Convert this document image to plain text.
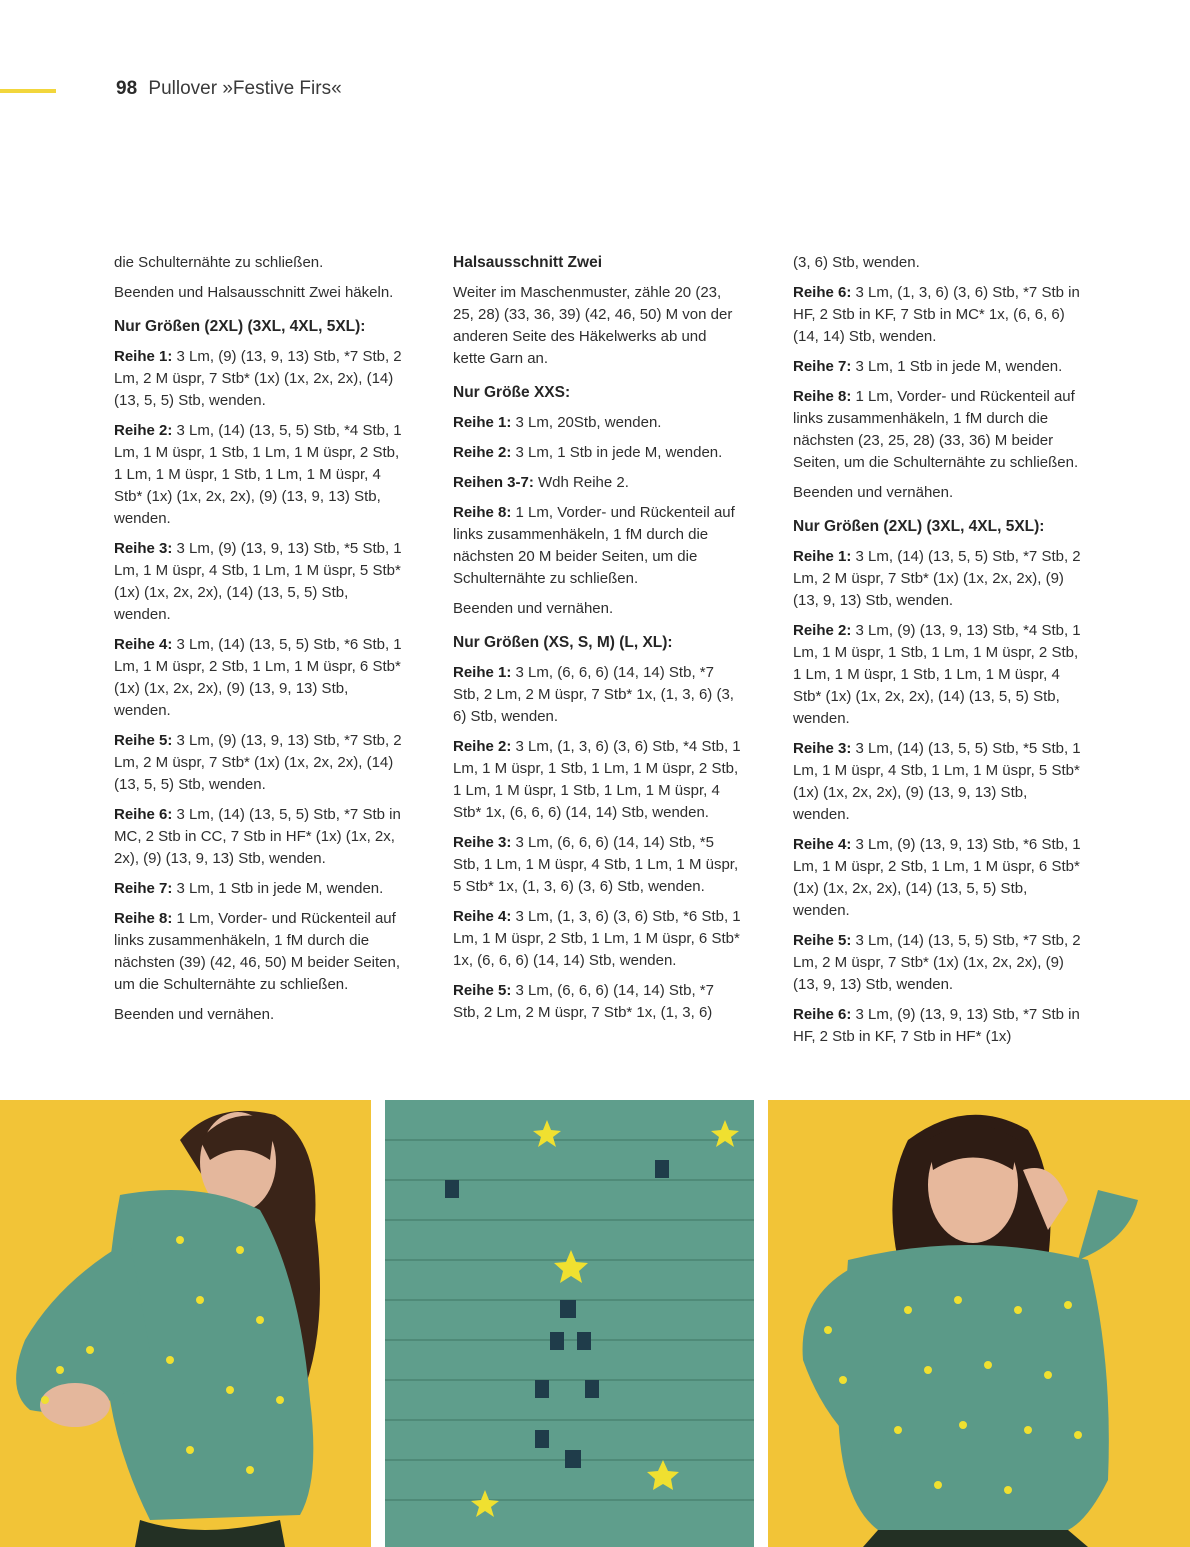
98 Pullover »Festive Firs«

die Schulternähte zu schließen.

Beenden und Halsausschnitt Zwei häkeln.

Nur Größen (2XL) (3XL, 4XL, 5XL):

Reihe 1: 3 Lm, (9) (13, 9, 13) Stb, *7 Stb, 2 Lm, 2 M üspr, 7 Stb* (1x) (1x, 2x, 2x), (14) (13, 5, 5) Stb, wenden.

Reihe 2: 3 Lm, (14) (13, 5, 5) Stb, *4 Stb, 1 Lm, 1 M üspr, 1 Stb, 1 Lm, 1 M üspr, 2 Stb, 1 Lm, 1 M üspr, 1 Stb, 1 Lm, 1 M üspr, 4 Stb* (1x) (1x, 2x, 2x), (9) (13, 9, 13) Stb, wenden.

Reihe 3: 3 Lm, (9) (13, 9, 13) Stb, *5 Stb, 1 Lm, 1 M üspr, 4 Stb, 1 Lm, 1 M üspr, 5 Stb* (1x) (1x, 2x, 2x), (14) (13, 5, 5) Stb, wenden.

Reihe 4: 3 Lm, (14) (13, 5, 5) Stb, *6 Stb, 1 Lm, 1 M üspr, 2 Stb, 1 Lm, 1 M üspr, 6 Stb* (1x) (1x, 2x, 2x), (9) (13, 9, 13) Stb, wenden.

Reihe 5: 3 Lm, (9) (13, 9, 13) Stb, *7 Stb, 2 Lm, 2 M üspr, 7 Stb* (1x) (1x, 2x, 2x), (14) (13, 5, 5) Stb, wenden.

Reihe 6: 3 Lm, (14) (13, 5, 5) Stb, *7 Stb in MC, 2 Stb in CC, 7 Stb in HF* (1x) (1x, 2x, 2x), (9) (13, 9, 13) Stb, wenden.

Reihe 7: 3 Lm, 1 Stb in jede M, wenden.

Reihe 8: 1 Lm, Vorder- und Rückenteil auf links zusammenhäkeln, 1 fM durch die nächsten (39) (42, 46, 50) M beider Seiten, um die Schulternähte zu schließen.

Beenden und vernähen.

Halsausschnitt Zwei

Weiter im Maschenmuster, zähle 20 (23, 25, 28) (33, 36, 39) (42, 46, 50) M von der anderen Seite des Häkelwerks ab und kette Garn an.

Nur Größe XXS:

Reihe 1: 3 Lm, 20Stb, wenden.

Reihe 2: 3 Lm, 1 Stb in jede M, wenden.

Reihen 3-7: Wdh Reihe 2.

Reihe 8: 1 Lm, Vorder- und Rückenteil auf links zusammenhäkeln, 1 fM durch die nächsten 20 M beider Seiten, um die Schulternähte zu schließen.

Beenden und vernähen.

Nur Größen (XS, S, M) (L, XL):

Reihe 1: 3 Lm, (6, 6, 6) (14, 14) Stb, *7 Stb, 2 Lm, 2 M üspr, 7 Stb* 1x, (1, 3, 6) (3, 6) Stb, wenden.

Reihe 2: 3 Lm, (1, 3, 6) (3, 6) Stb, *4 Stb, 1 Lm, 1 M üspr, 1 Stb, 1 Lm, 1 M üspr, 2 Stb, 1 Lm, 1 M üspr, 1 Stb, 1 Lm, 1 M üspr, 4 Stb* 1x, (6, 6, 6) (14, 14) Stb, wenden.

Reihe 3: 3 Lm, (6, 6, 6) (14, 14) Stb, *5 Stb, 1 Lm, 1 M üspr, 4 Stb, 1 Lm, 1 M üspr, 5 Stb* 1x, (1, 3, 6) (3, 6) Stb, wenden.

Reihe 4: 3 Lm, (1, 3, 6) (3, 6) Stb, *6 Stb, 1 Lm, 1 M üspr, 2 Stb, 1 Lm, 1 M üspr, 6 Stb* 1x, (6, 6, 6) (14, 14) Stb, wenden.

Reihe 5: 3 Lm, (6, 6, 6) (14, 14) Stb, *7 Stb, 2 Lm, 2 M üspr, 7 Stb* 1x, (1, 3, 6)

(3, 6) Stb, wenden.

Reihe 6: 3 Lm, (1, 3, 6) (3, 6) Stb, *7 Stb in HF, 2 Stb in KF, 7 Stb in MC* 1x, (6, 6, 6) (14, 14) Stb, wenden.

Reihe 7: 3 Lm, 1 Stb in jede M, wenden.

Reihe 8: 1 Lm, Vorder- und Rückenteil auf links zusammenhäkeln, 1 fM durch die nächsten (23, 25, 28) (33, 36) M beider Seiten, um die Schulternähte zu schließen.

Beenden und vernähen.

Nur Größen (2XL) (3XL, 4XL, 5XL):

Reihe 1: 3 Lm, (14) (13, 5, 5) Stb, *7 Stb, 2 Lm, 2 M üspr, 7 Stb* (1x) (1x, 2x, 2x), (9) (13, 9, 13) Stb, wenden.

Reihe 2: 3 Lm, (9) (13, 9, 13) Stb, *4 Stb, 1 Lm, 1 M üspr, 1 Stb, 1 Lm, 1 M üspr, 2 Stb, 1 Lm, 1 M üspr, 1 Stb, 1 Lm, 1 M üspr, 4 Stb* (1x) (1x, 2x, 2x), (14) (13, 5, 5) Stb, wenden.

Reihe 3: 3 Lm, (14) (13, 5, 5) Stb, *5 Stb, 1 Lm, 1 M üspr, 4 Stb, 1 Lm, 1 M üspr, 5 Stb* (1x) (1x, 2x, 2x), (9) (13, 9, 13) Stb, wenden.

Reihe 4: 3 Lm, (9) (13, 9, 13) Stb, *6 Stb, 1 Lm, 1 M üspr, 2 Stb, 1 Lm, 1 M üspr, 6 Stb* (1x) (1x, 2x, 2x), (14) (13, 5, 5) Stb, wenden.

Reihe 5: 3 Lm, (14) (13, 5, 5) Stb, *7 Stb, 2 Lm, 2 M üspr, 7 Stb* (1x) (1x, 2x, 2x), (9) (13, 9, 13) Stb, wenden.

Reihe 6: 3 Lm, (9) (13, 9, 13) Stb, *7 Stb in HF, 2 Stb in KF, 7 Stb in HF* (1x)
